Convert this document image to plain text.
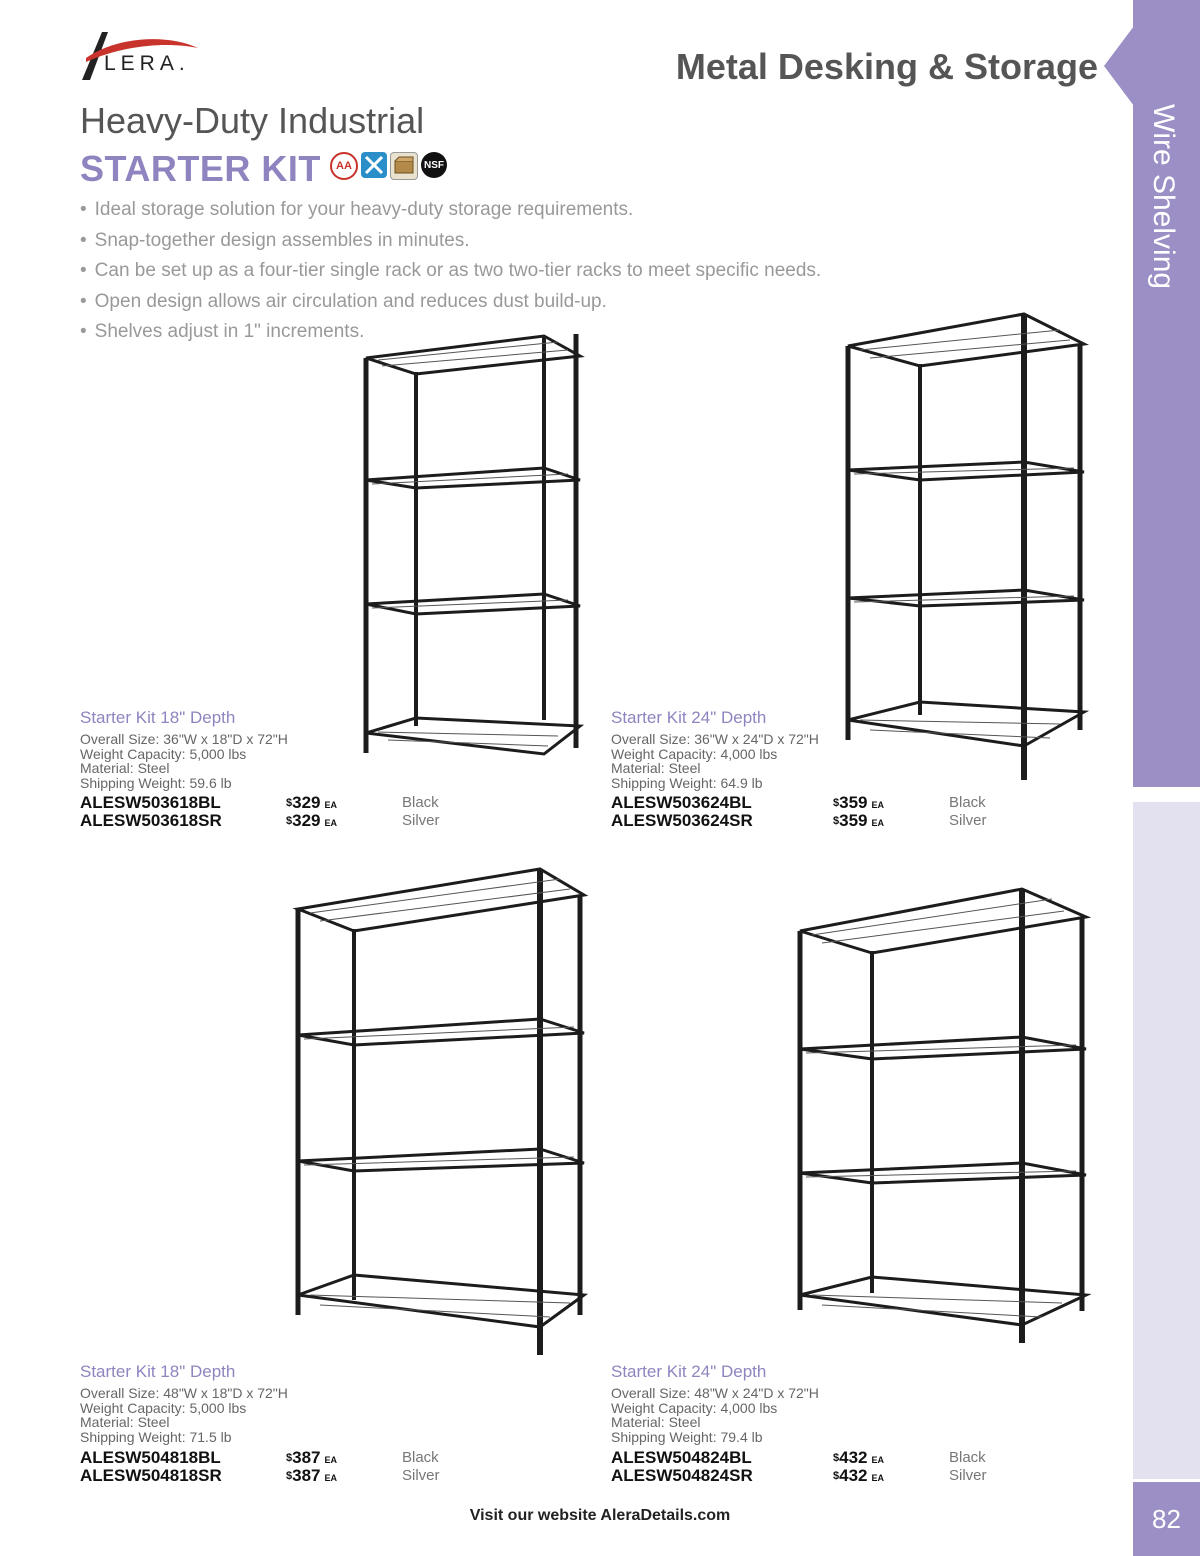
LERA.	Metal Desking & Storage
Wire Shelving
82
Heavy-Duty Industrial
STARTER KIT AA	NSF
• Ideal storage solution for your heavy-duty storage requirements.
• Snap-together design assembles in minutes.
• Can be set up as a four-tier single rack or as two two-tier racks to meet specific needs.
• Open design allows air circulation and reduces dust build-up.
• Shelves adjust in 1" increments.
Starter Kit 18" Depth
Overall Size: 36"W x 18"D x 72"H
Weight Capacity: 5,000 lbs
Material: Steel
Shipping Weight: 59.6 lb
ALESW503618BL	$329 EA	Black
ALESW503618SR	$329 EA	Silver
Starter Kit 24" Depth
Overall Size: 36"W x 24"D x 72"H
Weight Capacity: 4,000 lbs
Material: Steel
Shipping Weight: 64.9 lb
ALESW503624BL	$359 EA	Black
ALESW503624SR	$359 EA	Silver
Starter Kit 18" Depth
Overall Size: 48"W x 18"D x 72"H
Weight Capacity: 5,000 lbs
Material: Steel
Shipping Weight: 71.5 lb
ALESW504818BL	$387 EA	Black
ALESW504818SR	$387 EA	Silver
Starter Kit 24" Depth
Overall Size: 48"W x 24"D x 72"H
Weight Capacity: 4,000 lbs
Material: Steel
Shipping Weight: 79.4 lb
ALESW504824BL	$432 EA	Black
ALESW504824SR	$432 EA	Silver
Visit our website AleraDetails.com
